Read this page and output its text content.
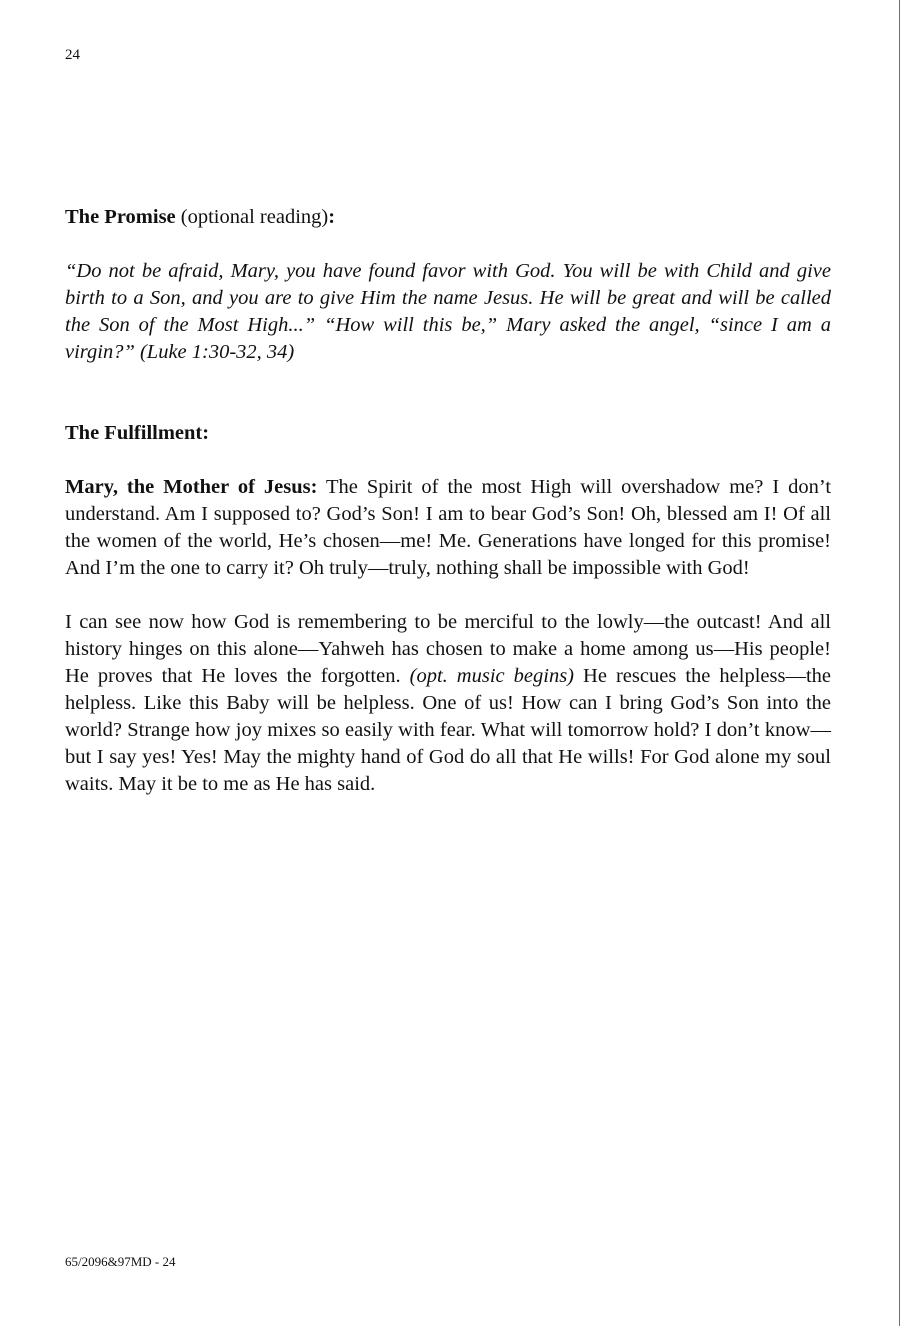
24

The Promise (optional reading):

“Do not be afraid, Mary, you have found favor with God. You will be with Child and give birth to a Son, and you are to give Him the name Jesus. He will be great and will be called the Son of the Most High...” “How will this be,” Mary asked the angel, “since I am a virgin?” (Luke 1:30-32, 34)

The Fulfillment:

Mary, the Mother of Jesus: The Spirit of the most High will overshadow me? I don’t understand. Am I supposed to? God’s Son! I am to bear God’s Son! Oh, blessed am I! Of all the women of the world, He’s chosen—me! Me. Generations have longed for this promise! And I’m the one to carry it? Oh truly—truly, nothing shall be impossible with God!

I can see now how God is remembering to be merciful to the lowly—the outcast! And all history hinges on this alone—Yahweh has chosen to make a home among us—His people! He proves that He loves the forgotten. (opt. music begins) He rescues the helpless—the helpless. Like this Baby will be helpless. One of us! How can I bring God’s Son into the world? Strange how joy mixes so easily with fear. What will tomorrow hold? I don’t know—but I say yes! Yes! May the mighty hand of God do all that He wills! For God alone my soul waits. May it be to me as He has said.

65/2096&97MD - 24
